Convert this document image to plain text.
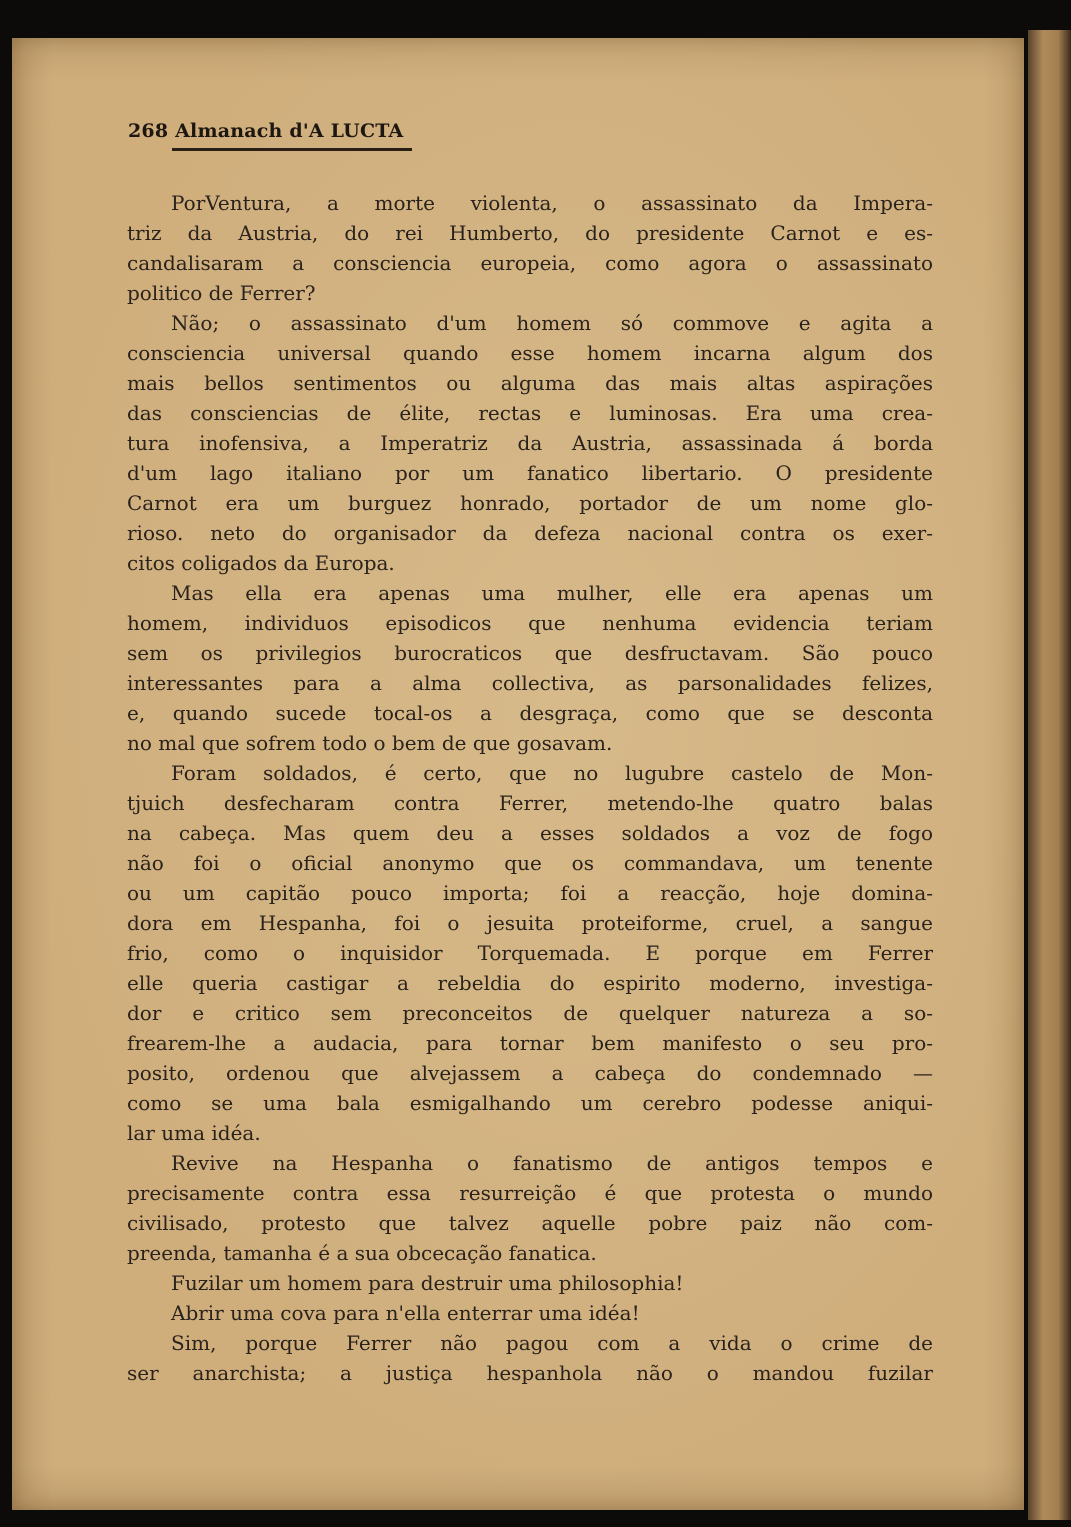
268 Almanach d'A LUCTA
PorVentura, a morte violenta, o assassinato da Impera-
triz da Austria, do rei Humberto, do presidente Carnot e es-
candalisaram a consciencia europeia, como agora o assassinato
politico de Ferrer?
Não; o assassinato d'um homem só commove e agita a
consciencia universal quando esse homem incarna algum dos
mais bellos sentimentos ou alguma das mais altas aspirações
das consciencias de élite, rectas e luminosas. Era uma crea-
tura inofensiva, a Imperatriz da Austria, assassinada á borda
d'um lago italiano por um fanatico libertario. O presidente
Carnot era um burguez honrado, portador de um nome glo-
rioso. neto do organisador da defeza nacional contra os exer-
citos coligados da Europa.
Mas ella era apenas uma mulher, elle era apenas um
homem, individuos episodicos que nenhuma evidencia teriam
sem os privilegios burocraticos que desfructavam. São pouco
interessantes para a alma collectiva, as parsonalidades felizes,
e, quando sucede tocal-os a desgraça, como que se desconta
no mal que sofrem todo o bem de que gosavam.
Foram soldados, é certo, que no lugubre castelo de Mon-
tjuich desfecharam contra Ferrer, metendo-lhe quatro balas
na cabeça. Mas quem deu a esses soldados a voz de fogo
não foi o oficial anonymo que os commandava, um tenente
ou um capitão pouco importa; foi a reacção, hoje domina-
dora em Hespanha, foi o jesuita proteiforme, cruel, a sangue
frio, como o inquisidor Torquemada. E porque em Ferrer
elle queria castigar a rebeldia do espirito moderno, investiga-
dor e critico sem preconceitos de quelquer natureza a so-
frearem-lhe a audacia, para tornar bem manifesto o seu pro-
posito, ordenou que alvejassem a cabeça do condemnado —
como se uma bala esmigalhando um cerebro podesse aniqui-
lar uma idéa.
Revive na Hespanha o fanatismo de antigos tempos e
precisamente contra essa resurreição é que protesta o mundo
civilisado, protesto que talvez aquelle pobre paiz não com-
preenda, tamanha é a sua obcecação fanatica.
Fuzilar um homem para destruir uma philosophia!
Abrir uma cova para n'ella enterrar uma idéa!
Sim, porque Ferrer não pagou com a vida o crime de
ser anarchista; a justiça hespanhola não o mandou fuzilar
